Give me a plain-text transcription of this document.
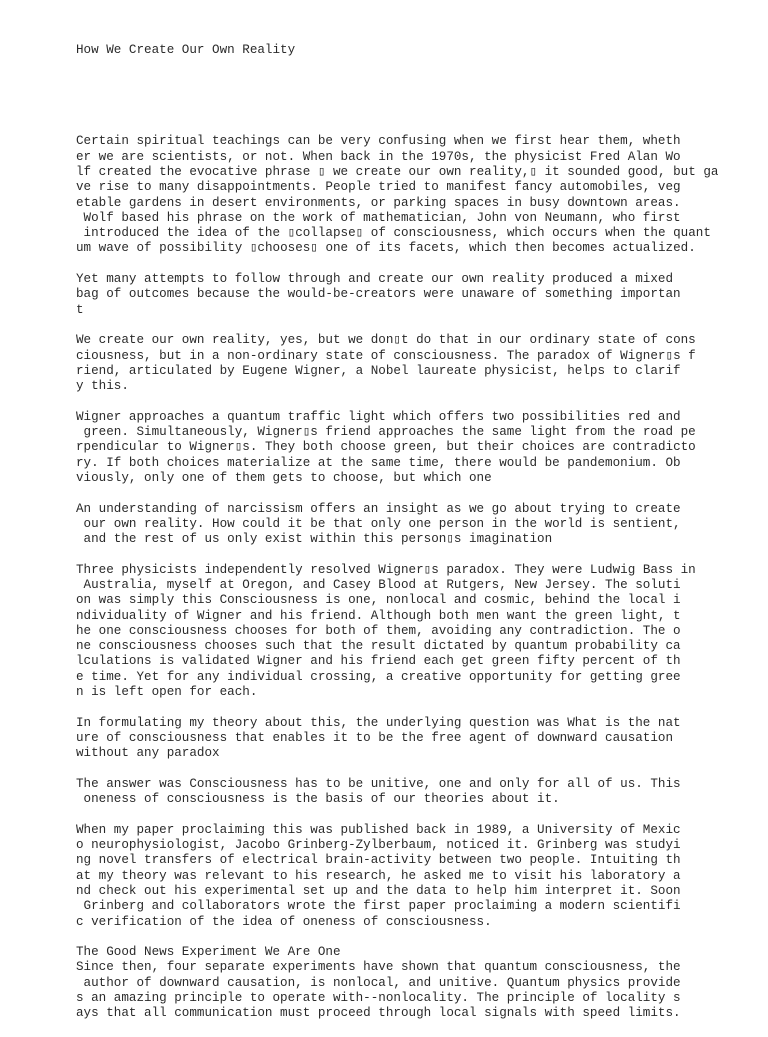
How We Create Our Own Reality

Certain spiritual teachings can be very confusing when we first hear them, wheth
er we are scientists, or not. When back in the 1970s, the physicist Fred Alan Wo
lf created the evocative phrase ▯ we create our own reality,▯ it sounded good, but ga
ve rise to many disappointments. People tried to manifest fancy automobiles, veg
etable gardens in desert environments, or parking spaces in busy downtown areas.
Wolf based his phrase on the work of mathematician, John von Neumann, who first
introduced the idea of the ▯collapse▯ of consciousness, which occurs when the quant
um wave of possibility ▯chooses▯ one of its facets, which then becomes actualized.
Yet many attempts to follow through and create our own reality produced a mixed
bag of outcomes because the would-be-creators were unaware of something importan
t
We create our own reality, yes, but we don▯t do that in our ordinary state of cons
ciousness, but in a non-ordinary state of consciousness. The paradox of Wigner▯s f
riend, articulated by Eugene Wigner, a Nobel laureate physicist, helps to clarif
y this.
Wigner approaches a quantum traffic light which offers two possibilities red and
green. Simultaneously, Wigner▯s friend approaches the same light from the road pe
rpendicular to Wigner▯s. They both choose green, but their choices are contradicto
ry. If both choices materialize at the same time, there would be pandemonium. Ob
viously, only one of them gets to choose, but which one
An understanding of narcissism offers an insight as we go about trying to create
our own reality. How could it be that only one person in the world is sentient,
and the rest of us only exist within this person▯s imagination
Three physicists independently resolved Wigner▯s paradox. They were Ludwig Bass in
Australia, myself at Oregon, and Casey Blood at Rutgers, New Jersey. The soluti
on was simply this Consciousness is one, nonlocal and cosmic, behind the local i
ndividuality of Wigner and his friend. Although both men want the green light, t
he one consciousness chooses for both of them, avoiding any contradiction. The o
ne consciousness chooses such that the result dictated by quantum probability ca
lculations is validated Wigner and his friend each get green fifty percent of th
e time. Yet for any individual crossing, a creative opportunity for getting gree
n is left open for each.
In formulating my theory about this, the underlying question was What is the nat
ure of consciousness that enables it to be the free agent of downward causation
without any paradox
The answer was Consciousness has to be unitive, one and only for all of us. This
oneness of consciousness is the basis of our theories about it.
When my paper proclaiming this was published back in 1989, a University of Mexic
o neurophysiologist, Jacobo Grinberg-Zylberbaum, noticed it. Grinberg was studyi
ng novel transfers of electrical brain-activity between two people. Intuiting th
at my theory was relevant to his research, he asked me to visit his laboratory a
nd check out his experimental set up and the data to help him interpret it. Soon
Grinberg and collaborators wrote the first paper proclaiming a modern scientifi
c verification of the idea of oneness of consciousness.
The Good News Experiment We Are One
Since then, four separate experiments have shown that quantum consciousness, the
author of downward causation, is nonlocal, and unitive. Quantum physics provide
s an amazing principle to operate with--nonlocality. The principle of locality s
ays that all communication must proceed through local signals with speed limits.
